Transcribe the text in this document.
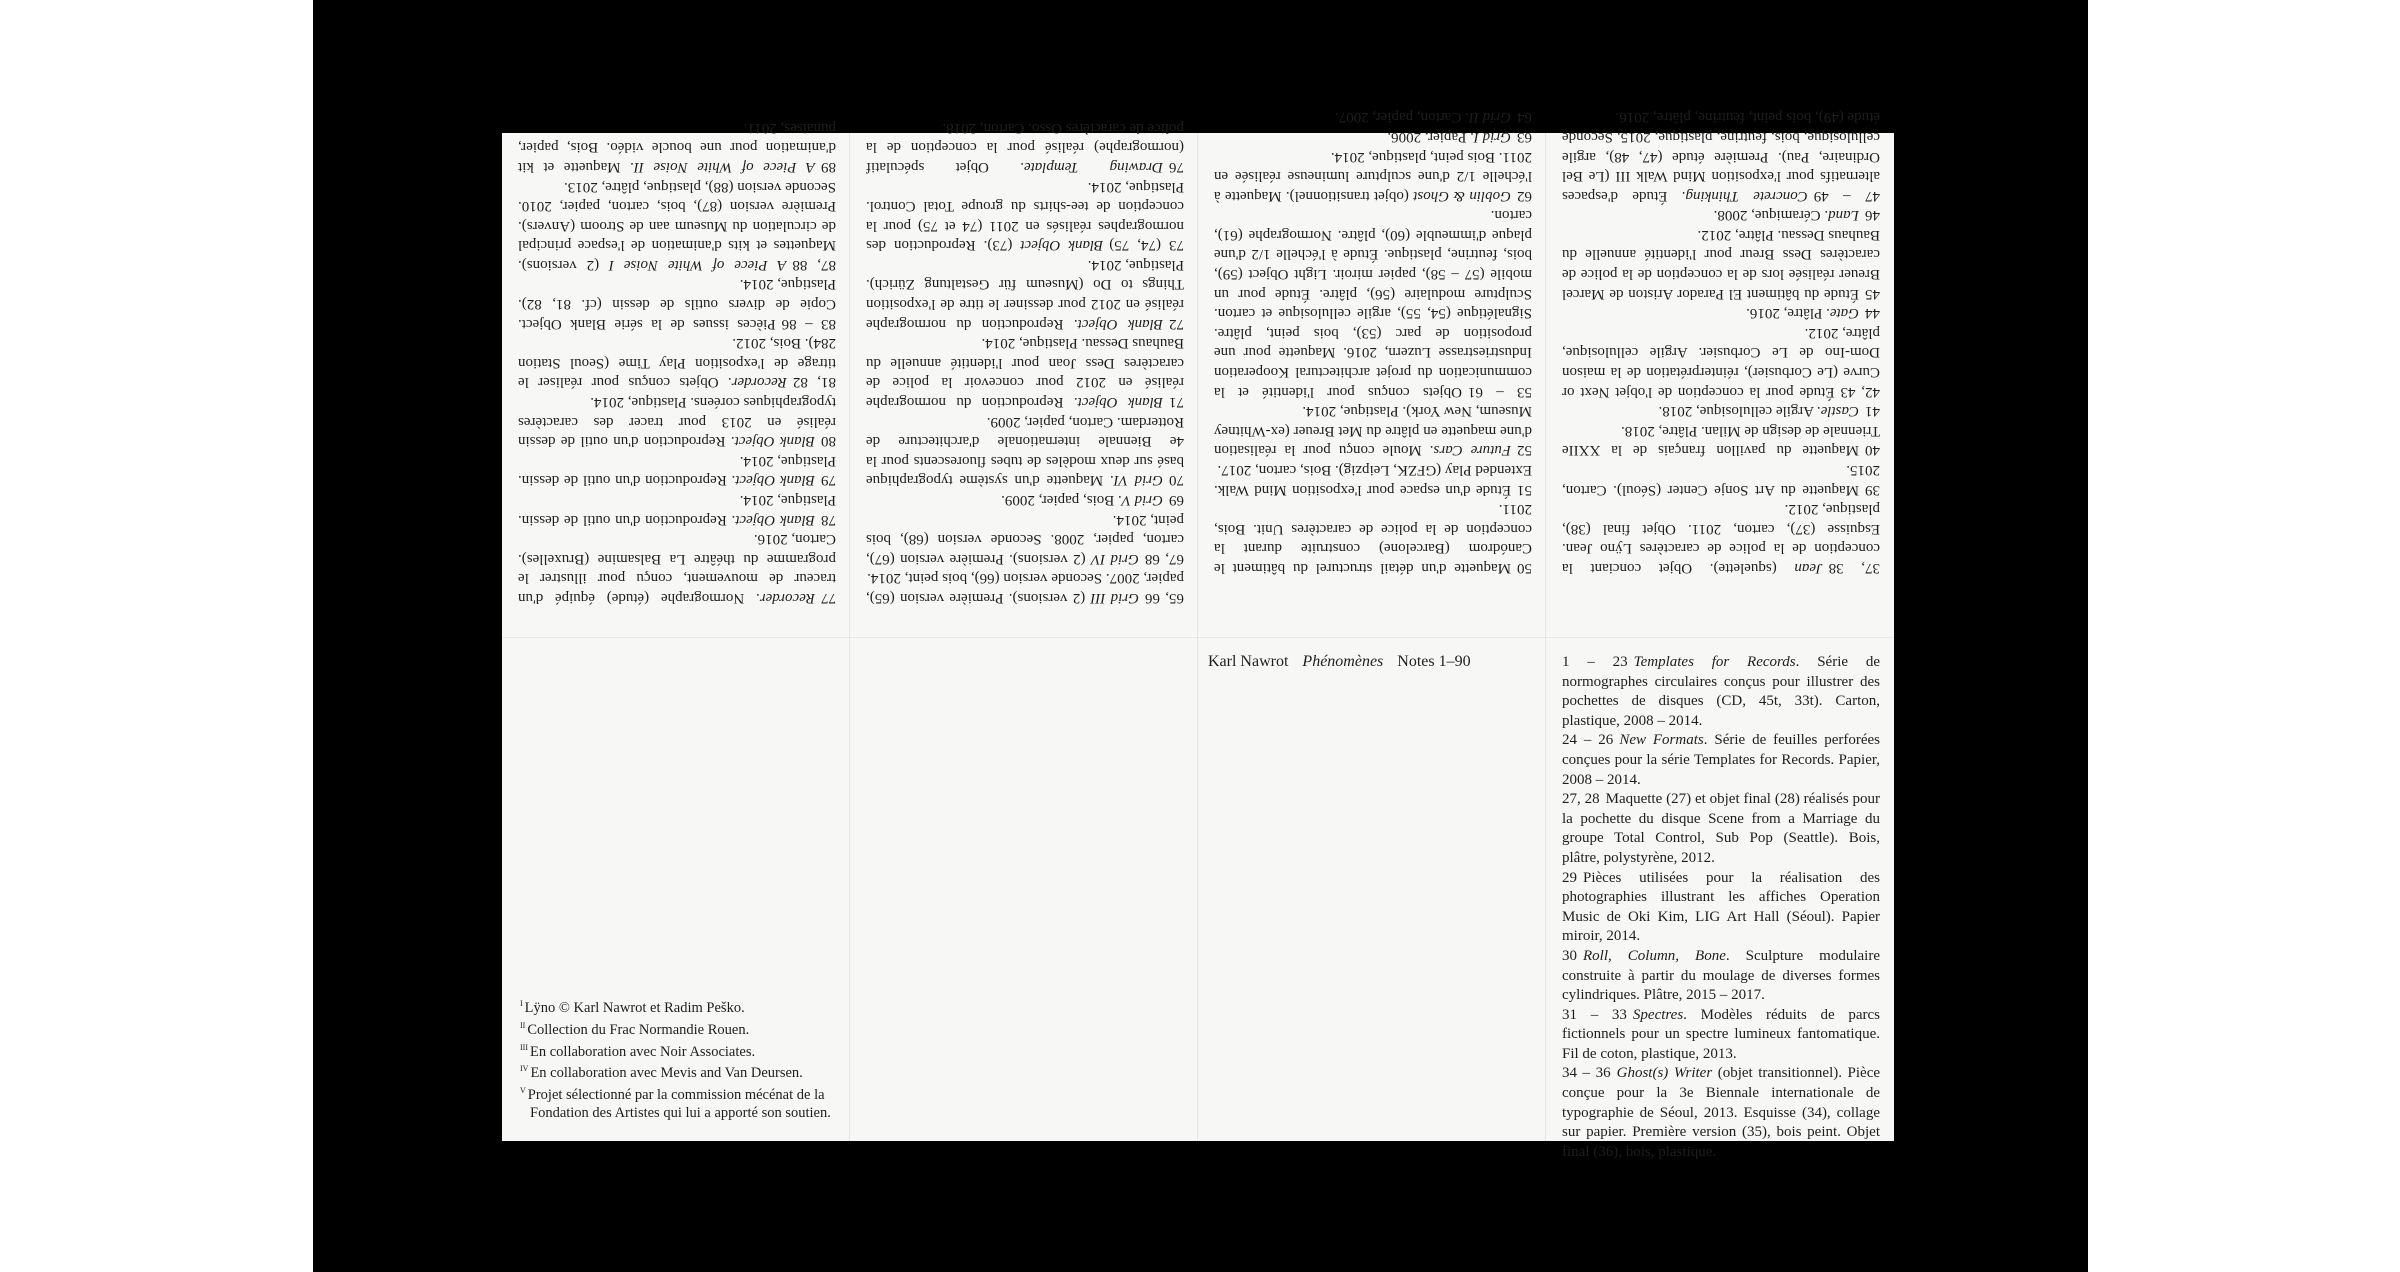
37, 38Jean (squelette). Objet conciant la conception de la police de caractères Lÿno Jean. Esquisse (37), carton, 2011. Objet final (38), plastique, 2012.

39Maquette du Art Sonje Center (Séoul). Carton, 2015.

40Maquette du pavillon français de la XXIIe Triennale de design de Milan. Plâtre, 2018.

41Castle. Argile cellulosique, 2018.

42, 43Étude pour la conception de l'objet Next or Curve (Le Corbusier), réinterprétation de la maison Dom-Ino de Le Corbusier. Argile cellulosique, plâtre, 2012.

44Gate. Plâtre, 2016.

45Étude du bâtiment El Parador Ariston de Marcel Breuer réalisée lors de la conception de la police de caractères Dess Breur pour l'identité annuelle du Bauhaus Dessau. Plâtre, 2012.

46Land. Céramique, 2008.

47 – 49Concrete Thinking. Étude d'espaces alternatifs pour l'exposition Mind Walk III (Le Bel Ordinaire, Pau). Première étude (47, 48), argile cellulosique, bois, feutrine, plastique, 2015. Seconde étude (49), bois peint, feutrine, plâtre, 2016.

50Maquette d'un détail structurel du bâtiment le Canódrom (Barcelone) construite durant la conception de la police de caractères Unit. Bois, 2011.

51Étude d'un espace pour l'exposition Mind Walk. Extended Play (GFZK, Leipzig). Bois, carton, 2017.

52Future Cars. Moule conçu pour la réalisation d'une maquette en plâtre du Met Breuer (ex-Whitney Museum, New York). Plastique, 2014.

53 – 61Objets conçus pour l'identité et la communication du projet architectural Kooperation Industriestrasse Luzern, 2016. Maquette pour une proposition de parc (53), bois peint, plâtre. Signalétique (54, 55), argile cellulosique et carton. Sculpture modulaire (56), plâtre. Étude pour un mobile (57 – 58), papier miroir. Light Object (59), bois, feutrine, plastique. Étude à l'échelle 1/2 d'une plaque d'immeuble (60), plâtre. Normographe (61), carton.

62Goblin & Ghost (objet transitionnel). Maquette à l'échelle 1/2 d'une sculpture lumineuse réalisée en 2011. Bois peint, plastique, 2014.

63Grid I. Papier, 2006.

64Grid II. Carton, papier, 2007.

65, 66Grid III (2 versions). Première version (65), papier, 2007. Seconde version (66), bois peint, 2014.

67, 68Grid IV (2 versions). Première version (67), carton, papier, 2008. Seconde version (68), bois peint, 2014.

69Grid V. Bois, papier, 2009.

70Grid VI. Maquette d'un système typographique basé sur deux modèles de tubes fluorescents pour la 4e Biennale internationale d'architecture de Rotterdam. Carton, papier, 2009.

71Blank Object. Reproduction du normographe réalisé en 2012 pour concevoir la police de caractères Dess Joan pour l'identité annuelle du Bauhaus Dessau. Plastique, 2014.

72Blank Object. Reproduction du normographe réalisé en 2012 pour dessiner le titre de l'exposition Things to Do (Museum für Gestaltung Zürich). Plastique, 2014.

73 (74, 75)Blank Object (73). Reproduction des normographes réalisés en 2011 (74 et 75) pour la conception de tee-shirts du groupe Total Control. Plastique, 2014.

76Drawing Template. Objet spéculatif (normographe) réalisé pour la conception de la police de caractères Osso. Carton, 2018.

77Recorder. Normographe (étude) équipé d'un traceur de mouvement, conçu pour illustrer le programme du théâtre La Balsamine (Bruxelles). Carton, 2016.

78Blank Object. Reproduction d'un outil de dessin. Plastique, 2014.

79Blank Object. Reproduction d'un outil de dessin. Plastique, 2014.

80Blank Object. Reproduction d'un outil de dessin réalisé en 2013 pour tracer des caractères typographiques coréens. Plastique, 2014.

81, 82Recorder. Objets conçus pour réaliser le titrage de l'exposition Play Time (Seoul Station 284). Bois, 2012.

83 – 86Pièces issues de la série Blank Object. Copie de divers outils de dessin (cf. 81, 82). Plastique, 2014.

87, 88A Piece of White Noise I (2 versions). Maquettes et kits d'animation de l'espace principal de circulation du Museum aan de Stroom (Anvers). Première version (87), bois, carton, papier, 2010. Seconde version (88), plastique, plâtre, 2013.

89A Piece of White Noise II. Maquette et kit d'animation pour une boucle vidéo. Bois, papier, punaises, 2011.

Karl Nawrot Phénomènes Notes 1–90	1 – 23 Templates for Records. Série de normographes circulaires conçus pour illustrer des pochettes de disques (CD, 45t, 33t). Carton, plastique, 2008 – 2014.

24 – 26 New Formats. Série de feuilles perforées conçues pour la série Templates for Records. Papier, 2008 – 2014.

27, 28 Maquette (27) et objet final (28) réalisés pour la pochette du disque Scene from a Marriage du groupe Total Control, Sub Pop (Seattle). Bois, plâtre, polystyrène, 2012.

29 Pièces utilisées pour la réalisation des photographies illustrant les affiches Operation Music de Oki Kim, LIG Art Hall (Séoul). Papier miroir, 2014.

30 Roll, Column, Bone. Sculpture modulaire construite à partir du moulage de diverses formes cylindriques. Plâtre, 2015 – 2017.

31 – 33 Spectres. Modèles réduits de parcs fictionnels pour un spectre lumineux fantomatique. Fil de coton, plastique, 2013.

34 – 36 Ghost(s) Writer (objet transitionnel). Pièce conçue pour la 3e Biennale internationale de typographie de Séoul, 2013. Esquisse (34), collage sur papier. Première version (35), bois peint. Objet final (36), bois, plastique.

$^I$ Lÿno © Karl Nawrot et Radim Peško.

$^{II}$ Collection du Frac Normandie Rouen.

$^{III}$ En collaboration avec Noir Associates.

$^{IV}$ En collaboration avec Mevis and Van Deursen.

$^V$ Projet sélectionné par la commission mécénat de la Fondation des Artistes qui lui a apporté son soutien.
